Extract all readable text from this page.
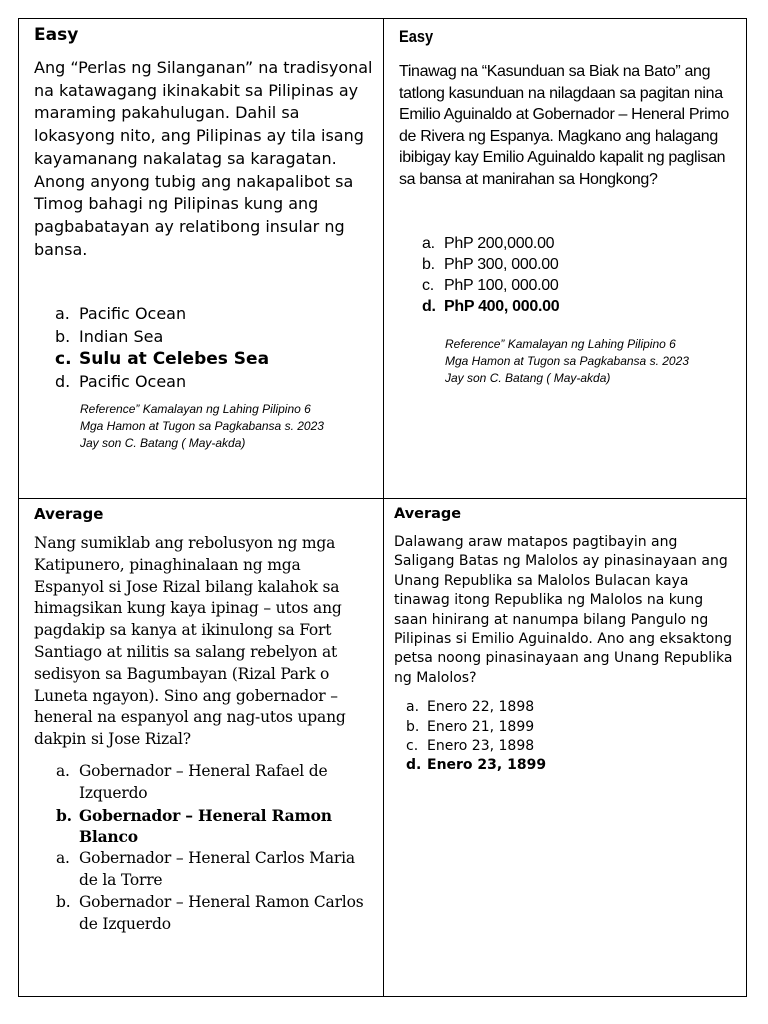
Easy

Ang “Perlas ng Silanganan” na tradisyonal na katawagang ikinakabit sa Pilipinas ay maraming pakahulugan. Dahil sa lokasyong nito, ang Pilipinas ay tila isang kayamanang nakalatag sa karagatan. Anong anyong tubig ang nakapalibot sa Timog bahagi ng Pilipinas kung ang pagbabatayan ay relatibong insular ng bansa.

a. Pacific Ocean
b. Indian Sea
c. Sulu at Celebes Sea
d. Pacific Ocean
Reference” Kamalayan ng Lahing Pilipino 6
Mga Hamon at Tugon sa Pagkabansa s. 2023
Jay son C. Batang ( May-akda)
Easy

Tinawag na “Kasunduan sa Biak na Bato” ang tatlong kasunduan na nilagdaan sa pagitan nina Emilio Aguinaldo at Gobernador – Heneral Primo de Rivera ng Espanya. Magkano ang halagang ibibigay kay Emilio Aguinaldo kapalit ng paglisan sa bansa at manirahan sa Hongkong?

a. PhP 200,000.00
b. PhP 300, 000.00
c. PhP 100, 000.00
d. PhP 400, 000.00
Reference” Kamalayan ng Lahing Pilipino 6
Mga Hamon at Tugon sa Pagkabansa s. 2023
Jay son C. Batang ( May-akda)
Average

Nang sumiklab ang rebolusyon ng mga Katipunero, pinaghinalaan ng mga Espanyol si Jose Rizal bilang kalahok sa himagsikan kung kaya ipinag – utos ang pagdakip sa kanya at ikinulong sa Fort Santiago at nilitis sa salang rebelyon at sedisyon sa Bagumbayan (Rizal Park o Luneta ngayon). Sino ang gobernador – heneral na espanyol ang nag-utos upang dakpin si Jose Rizal?

a. Gobernador – Heneral Rafael de Izquerdo
b. Gobernador – Heneral Ramon Blanco
a. Gobernador – Heneral Carlos Maria de la Torre
b. Gobernador – Heneral Ramon Carlos de Izquerdo
Average

Dalawang araw matapos pagtibayin ang Saligang Batas ng Malolos ay pinasinayaan ang Unang Republika sa Malolos Bulacan kaya tinawag itong Republika ng Malolos na kung saan hinirang at nanumpa bilang Pangulo ng Pilipinas si Emilio Aguinaldo. Ano ang eksaktong petsa noong pinasinayaan ang Unang Republika ng Malolos?

a. Enero 22, 1898
b. Enero 21, 1899
c. Enero 23, 1898
d. Enero 23, 1899
